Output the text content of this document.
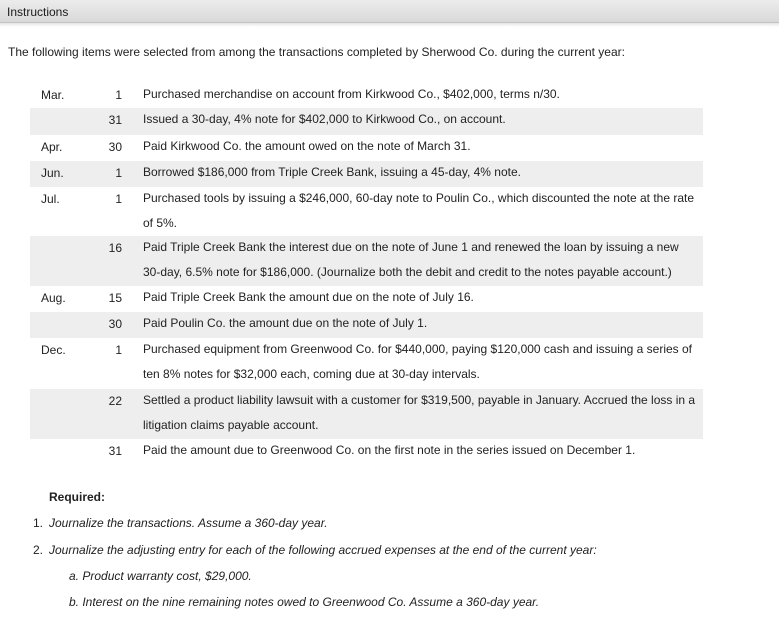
Instructions
The following items were selected from among the transactions completed by Sherwood Co. during the current year:
Mar.	1 Purchased merchandise on account from Kirkwood Co., $402,000, terms n/30.
31 Issued a 30-day, 4% note for $402,000 to Kirkwood Co., on account.
Apr.	30 Paid Kirkwood Co. the amount owed on the note of March 31.
Jun.	1 Borrowed $186,000 from Triple Creek Bank, issuing a 45-day, 4% note.
Jul.	1 Purchased tools by issuing a $246,000, 60-day note to Poulin Co., which discounted the note at the rate of 5%.
16 Paid Triple Creek Bank the interest due on the note of June 1 and renewed the loan by issuing a new 30-day, 6.5% note for $186,000. (Journalize both the debit and credit to the notes payable account.)
Aug.	15 Paid Triple Creek Bank the amount due on the note of July 16.
30 Paid Poulin Co. the amount due on the note of July 1.
Dec.	1 Purchased equipment from Greenwood Co. for $440,000, paying $120,000 cash and issuing a series of ten 8% notes for $32,000 each, coming due at 30-day intervals.
22 Settled a product liability lawsuit with a customer for $319,500, payable in January. Accrued the loss in a litigation claims payable account.
31 Paid the amount due to Greenwood Co. on the first note in the series issued on December 1.
Required:
1. Journalize the transactions. Assume a 360-day year.
2. Journalize the adjusting entry for each of the following accrued expenses at the end of the current year:
a. Product warranty cost, $29,000.
b. Interest on the nine remaining notes owed to Greenwood Co. Assume a 360-day year.
